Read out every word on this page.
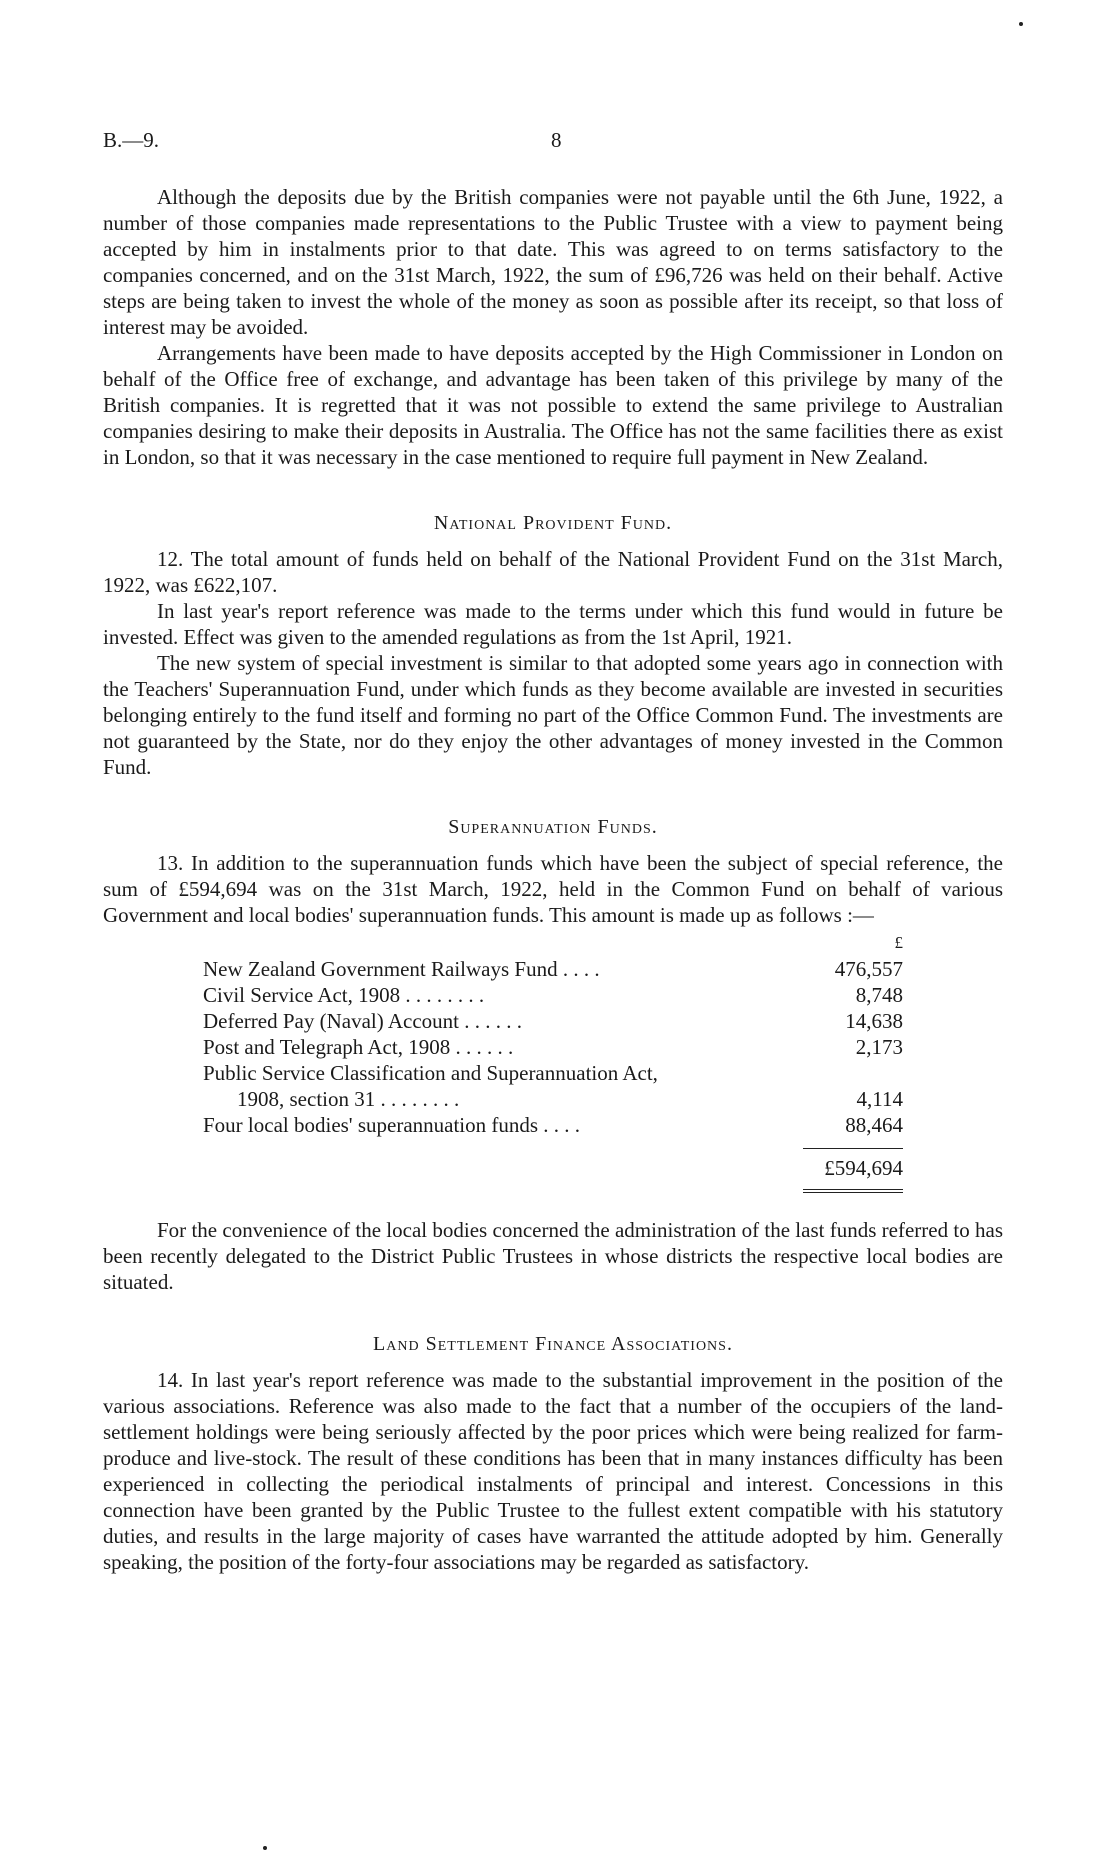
B.—9.	8

Although the deposits due by the British companies were not payable until the 6th June, 1922, a number of those companies made representations to the Public Trustee with a view to payment being accepted by him in instalments prior to that date. This was agreed to on terms satisfactory to the companies concerned, and on the 31st March, 1922, the sum of £96,726 was held on their behalf. Active steps are being taken to invest the whole of the money as soon as possible after its receipt, so that loss of interest may be avoided.

Arrangements have been made to have deposits accepted by the High Commissioner in London on behalf of the Office free of exchange, and advantage has been taken of this privilege by many of the British companies. It is regretted that it was not possible to extend the same privilege to Australian companies desiring to make their deposits in Australia. The Office has not the same facilities there as exist in London, so that it was necessary in the case mentioned to require full payment in New Zealand.

National Provident Fund.

12. The total amount of funds held on behalf of the National Provident Fund on the 31st March, 1922, was £622,107.

In last year's report reference was made to the terms under which this fund would in future be invested. Effect was given to the amended regulations as from the 1st April, 1921.

The new system of special investment is similar to that adopted some years ago in connection with the Teachers' Superannuation Fund, under which funds as they become available are invested in securities belonging entirely to the fund itself and forming no part of the Office Common Fund. The investments are not guaranteed by the State, nor do they enjoy the other advantages of money invested in the Common Fund.

Superannuation Funds.

13. In addition to the superannuation funds which have been the subject of special reference, the sum of £594,694 was on the 31st March, 1922, held in the Common Fund on behalf of various Government and local bodies' superannuation funds. This amount is made up as follows :—

£
New Zealand Government Railways Fund . . . .	476,557
Civil Service Act, 1908 . . . . . . . .	8,748
Deferred Pay (Naval) Account . . . . . .	14,638
Post and Telegraph Act, 1908 . . . . . .	2,173
Public Service Classification and Superannuation Act,
1908, section 31 . . . . . . . .	4,114
Four local bodies' superannuation funds . . . .	88,464
£594,694

For the convenience of the local bodies concerned the administration of the last funds referred to has been recently delegated to the District Public Trustees in whose districts the respective local bodies are situated.

Land Settlement Finance Associations.

14. In last year's report reference was made to the substantial improvement in the position of the various associations. Reference was also made to the fact that a number of the occupiers of the land-settlement holdings were being seriously affected by the poor prices which were being realized for farm-produce and live-stock. The result of these conditions has been that in many instances difficulty has been experienced in collecting the periodical instalments of principal and interest. Concessions in this connection have been granted by the Public Trustee to the fullest extent compatible with his statutory duties, and results in the large majority of cases have warranted the attitude adopted by him. Generally speaking, the position of the forty-four associations may be regarded as satisfactory.
